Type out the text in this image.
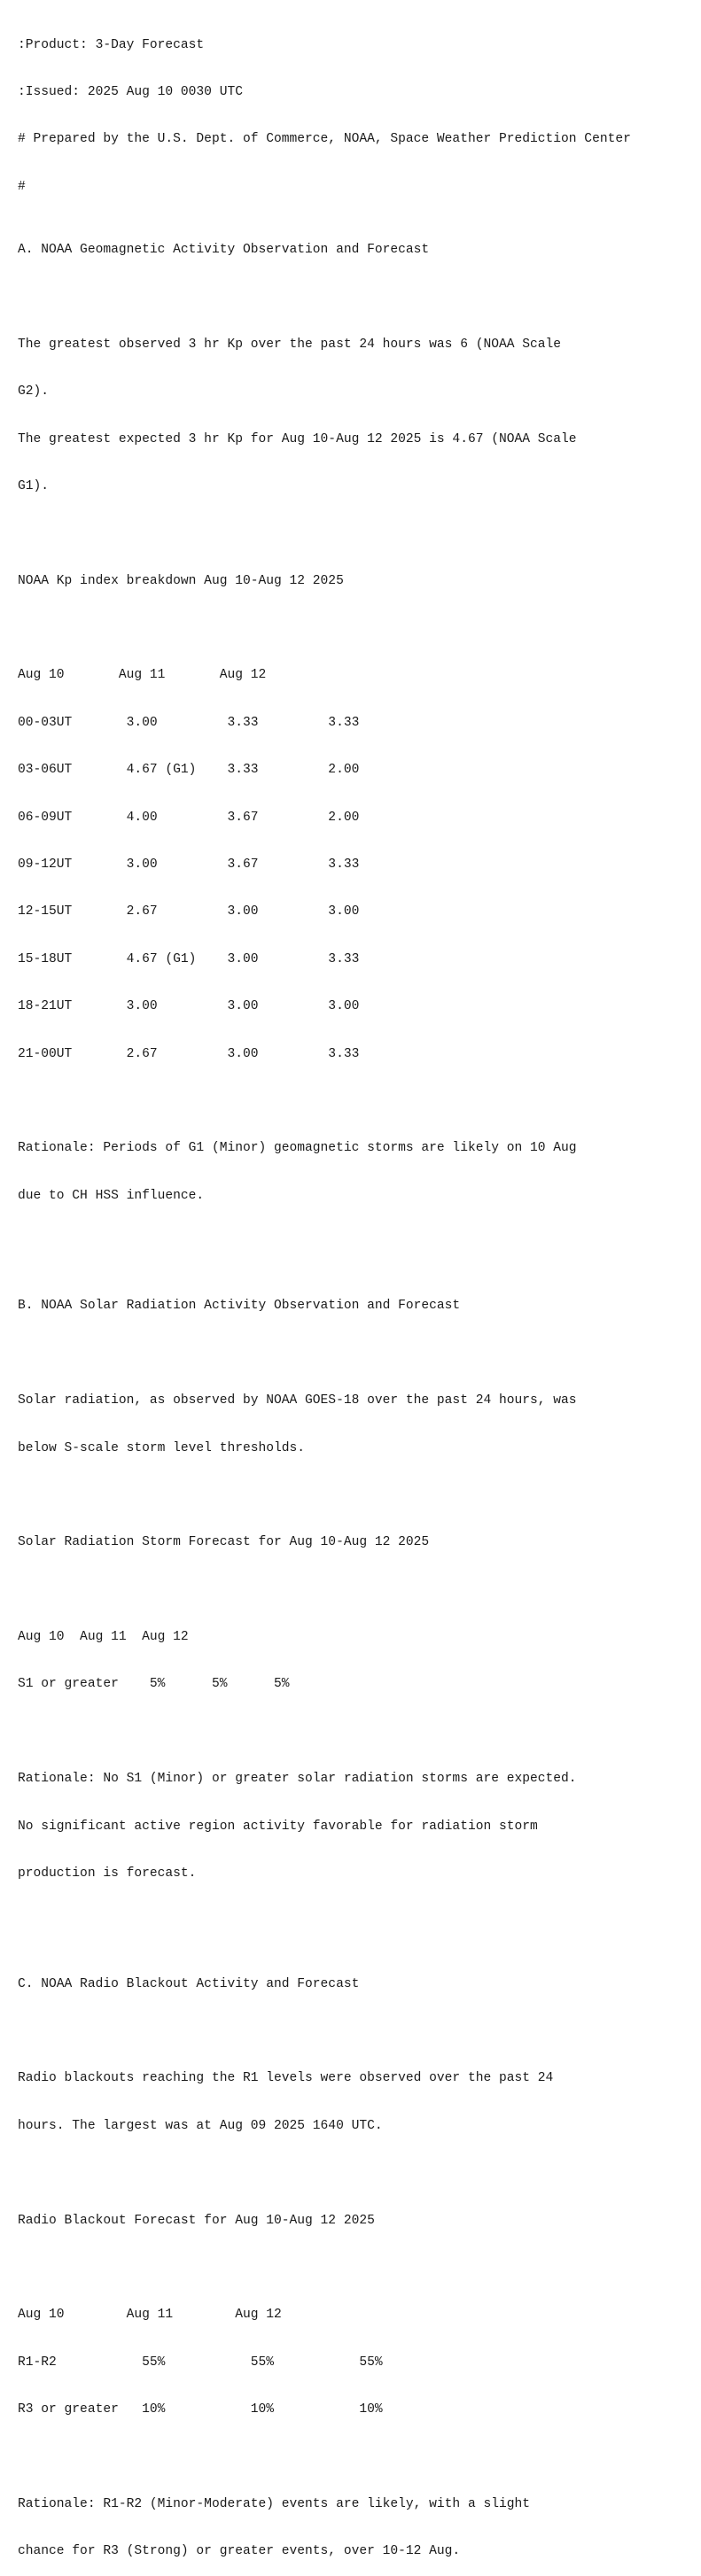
:Product: 3-Day Forecast

:Issued: 2025 Aug 10 0030 UTC

# Prepared by the U.S. Dept. of Commerce, NOAA, Space Weather Prediction Center

#

A. NOAA Geomagnetic Activity Observation and Forecast

The greatest observed 3 hr Kp over the past 24 hours was 6 (NOAA Scale

G2).

The greatest expected 3 hr Kp for Aug 10-Aug 12 2025 is 4.67 (NOAA Scale

G1).

NOAA Kp index breakdown Aug 10-Aug 12 2025

Aug 10       Aug 11       Aug 12

00-03UT       3.00         3.33         3.33

03-06UT       4.67 (G1)    3.33         2.00

06-09UT       4.00         3.67         2.00

09-12UT       3.00         3.67         3.33

12-15UT       2.67         3.00         3.00

15-18UT       4.67 (G1)    3.00         3.33

18-21UT       3.00         3.00         3.00

21-00UT       2.67         3.00         3.33

Rationale: Periods of G1 (Minor) geomagnetic storms are likely on 10 Aug

due to CH HSS influence.

B. NOAA Solar Radiation Activity Observation and Forecast

Solar radiation, as observed by NOAA GOES-18 over the past 24 hours, was

below S-scale storm level thresholds.

Solar Radiation Storm Forecast for Aug 10-Aug 12 2025

Aug 10  Aug 11  Aug 12

S1 or greater    5%      5%      5%

Rationale: No S1 (Minor) or greater solar radiation storms are expected.

No significant active region activity favorable for radiation storm

production is forecast.

C. NOAA Radio Blackout Activity and Forecast

Radio blackouts reaching the R1 levels were observed over the past 24

hours. The largest was at Aug 09 2025 1640 UTC.

Radio Blackout Forecast for Aug 10-Aug 12 2025

Aug 10        Aug 11        Aug 12

R1-R2           55%           55%           55%

R3 or greater   10%           10%           10%

Rationale: R1-R2 (Minor-Moderate) events are likely, with a slight

chance for R3 (Strong) or greater events, over 10-12 Aug.
